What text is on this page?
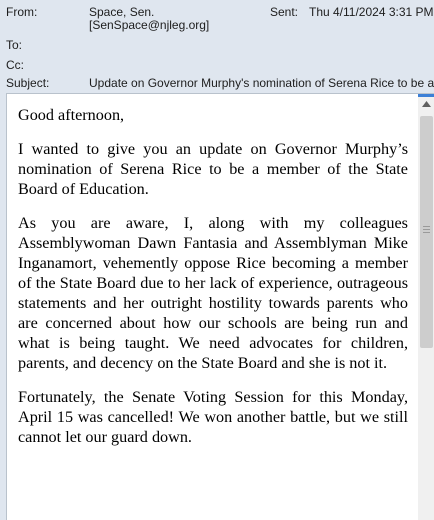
From:	Space, Sen.
[SenSpace@njleg.org]
Sent: Thu 4/11/2024 3:31 PM
To:
Cc:
Subject:	Update on Governor Murphy's nomination of Serena Rice to be a

Good afternoon,

I wanted to give you an update on Governor Murphy’s nomination of Serena Rice to be a member of the State Board of Education.

As you are aware, I, along with my colleagues Assemblywoman Dawn Fantasia and Assemblyman Mike Inganamort, vehemently oppose Rice becoming a member of the State Board due to her lack of experience, outrageous statements and her outright hostility towards parents who are concerned about how our schools are being run and what is being taught. We need advocates for children, parents, and decency on the State Board and she is not it.

Fortunately, the Senate Voting Session for this Monday, April 15 was cancelled! We won another battle, but we still cannot let our guard down.
